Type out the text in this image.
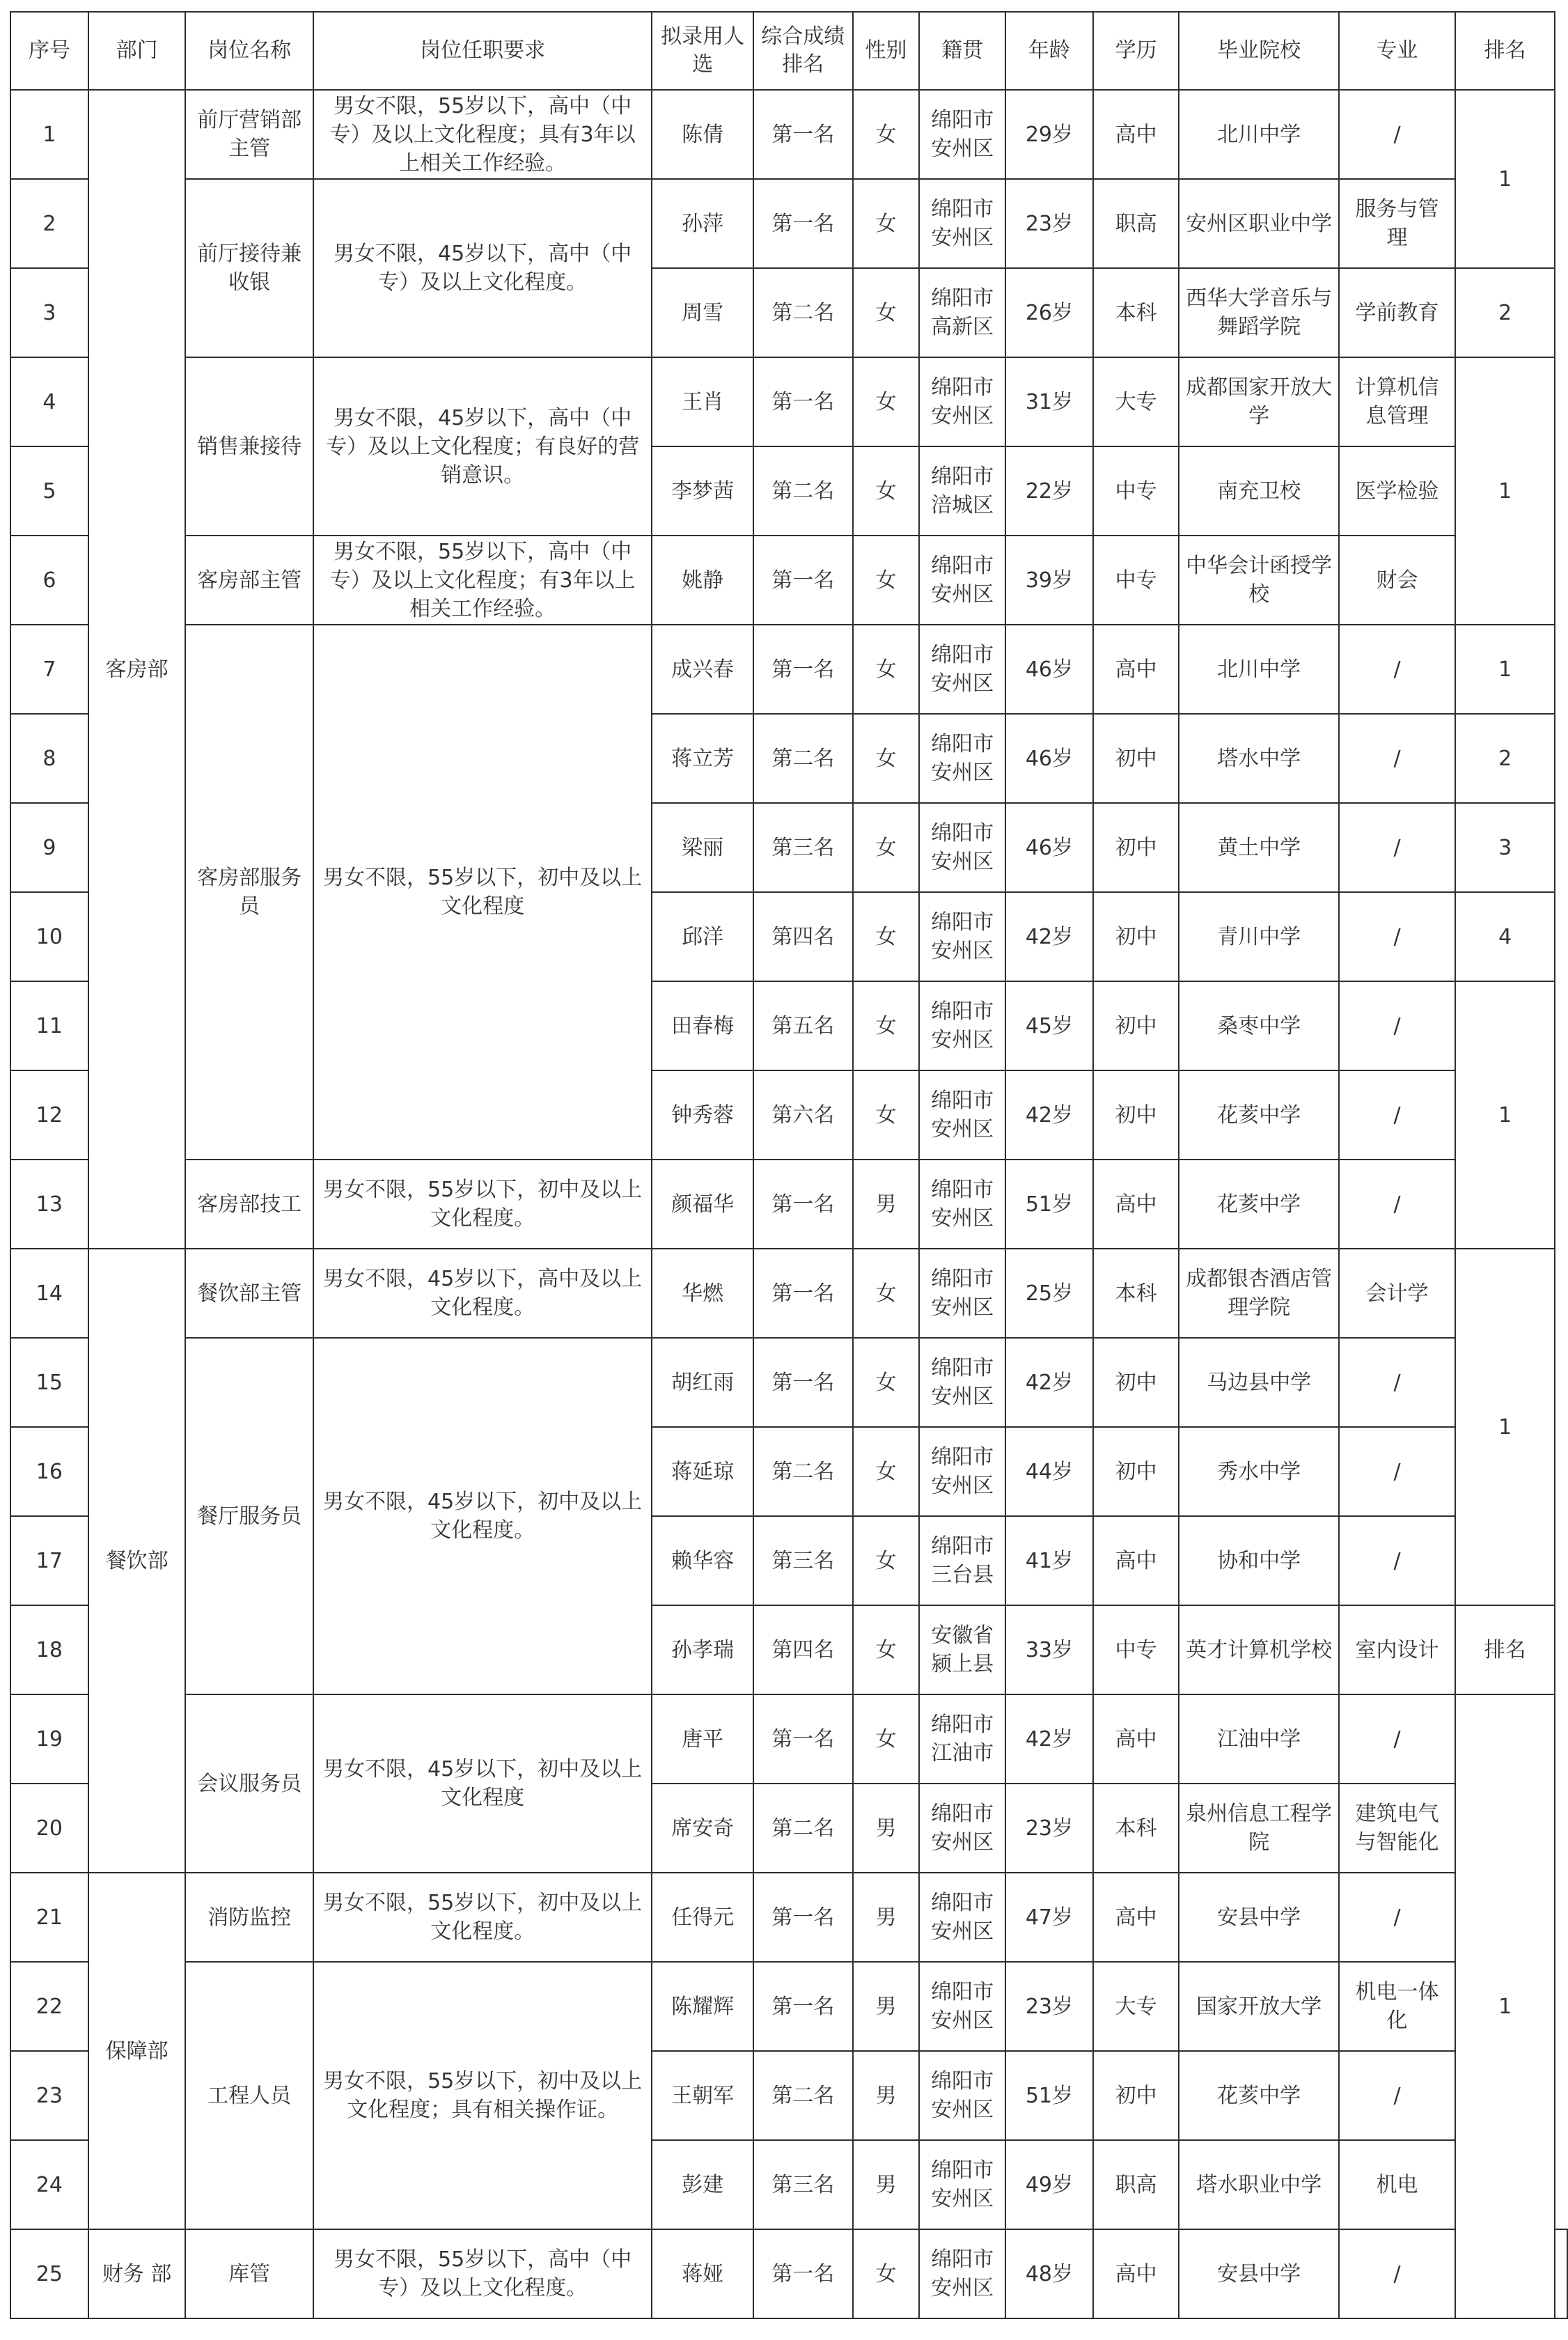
序号	部门	岗位名称	岗位任职要求	拟录用人选	综合成绩排名	性别	籍贯	年龄	学历	毕业院校	专业	排名	
1	客房部	前厅营销部主管	男女不限，55岁以下，高中（中专）及以上文化程度；具有3年以上相关工作经验。	陈倩	第一名	女	绵阳市安州区	29岁	高中	北川中学	/	1	
2		前厅接待兼收银	男女不限，45岁以下，高中（中专）及以上文化程度。	孙萍	第一名	女	绵阳市安州区	23岁	职高	安州区职业中学	服务与管理		
3				周雪	第二名	女	绵阳市高新区	26岁	本科	西华大学音乐与舞蹈学院	学前教育	2	
4		销售兼接待	男女不限，45岁以下，高中（中专）及以上文化程度；有良好的营销意识。	王肖	第一名	女	绵阳市安州区	31岁	大专	成都国家开放大学	计算机信息管理	1	
5				李梦茜	第二名	女	绵阳市涪城区	22岁	中专	南充卫校	医学检验		
6		客房部主管	男女不限，55岁以下，高中（中专）及以上文化程度；有3年以上相关工作经验。	姚静	第一名	女	绵阳市安州区	39岁	中专	中华会计函授学校	财会		
7		客房部服务员	男女不限，55岁以下，初中及以上文化程度	成兴春	第一名	女	绵阳市安州区	46岁	高中	北川中学	/	1	
8				蒋立芳	第二名	女	绵阳市安州区	46岁	初中	塔水中学	/	2	
9				梁丽	第三名	女	绵阳市安州区	46岁	初中	黄土中学	/	3	
10				邱洋	第四名	女	绵阳市安州区	42岁	初中	青川中学	/	4	
11				田春梅	第五名	女	绵阳市安州区	45岁	初中	桑枣中学	/	1	
12				钟秀蓉	第六名	女	绵阳市安州区	42岁	初中	花荄中学	/		
13		客房部技工	男女不限，55岁以下，初中及以上文化程度。	颜福华	第一名	男	绵阳市安州区	51岁	高中	花荄中学	/		
14	餐饮部	餐饮部主管	男女不限，45岁以下，高中及以上文化程度。	华燃	第一名	女	绵阳市安州区	25岁	本科	成都银杏酒店管理学院	会计学	1	
15		餐厅服务员	男女不限，45岁以下，初中及以上文化程度。	胡红雨	第一名	女	绵阳市安州区	42岁	初中	马边县中学	/		
16				蒋延琼	第二名	女	绵阳市安州区	44岁	初中	秀水中学	/		
17				赖华容	第三名	女	绵阳市三台县	41岁	高中	协和中学	/		
18				孙孝瑞	第四名	女	安徽省颍上县	33岁	中专	英才计算机学校	室内设计	排名	
19		会议服务员	男女不限，45岁以下，初中及以上文化程度	唐平	第一名	女	绵阳市江油市	42岁	高中	江油中学	/	1	
20				席安奇	第二名	男	绵阳市安州区	23岁	本科	泉州信息工程学院	建筑电气与智能化		
21	保障部	消防监控	男女不限，55岁以下，初中及以上文化程度。	任得元	第一名	男	绵阳市安州区	47岁	高中	安县中学	/		
22		工程人员	男女不限，55岁以下，初中及以上文化程度；具有相关操作证。	陈耀辉	第一名	男	绵阳市安州区	23岁	大专	国家开放大学	机电一体化		
23				王朝军	第二名	男	绵阳市安州区	51岁	初中	花荄中学	/		
24				彭建	第三名	男	绵阳市安州区	49岁	职高	塔水职业中学	机电		
25	财务 部	库管	男女不限，55岁以下，高中（中专）及以上文化程度。	蒋娅	第一名	女	绵阳市安州区	48岁	高中	安县中学	/		
